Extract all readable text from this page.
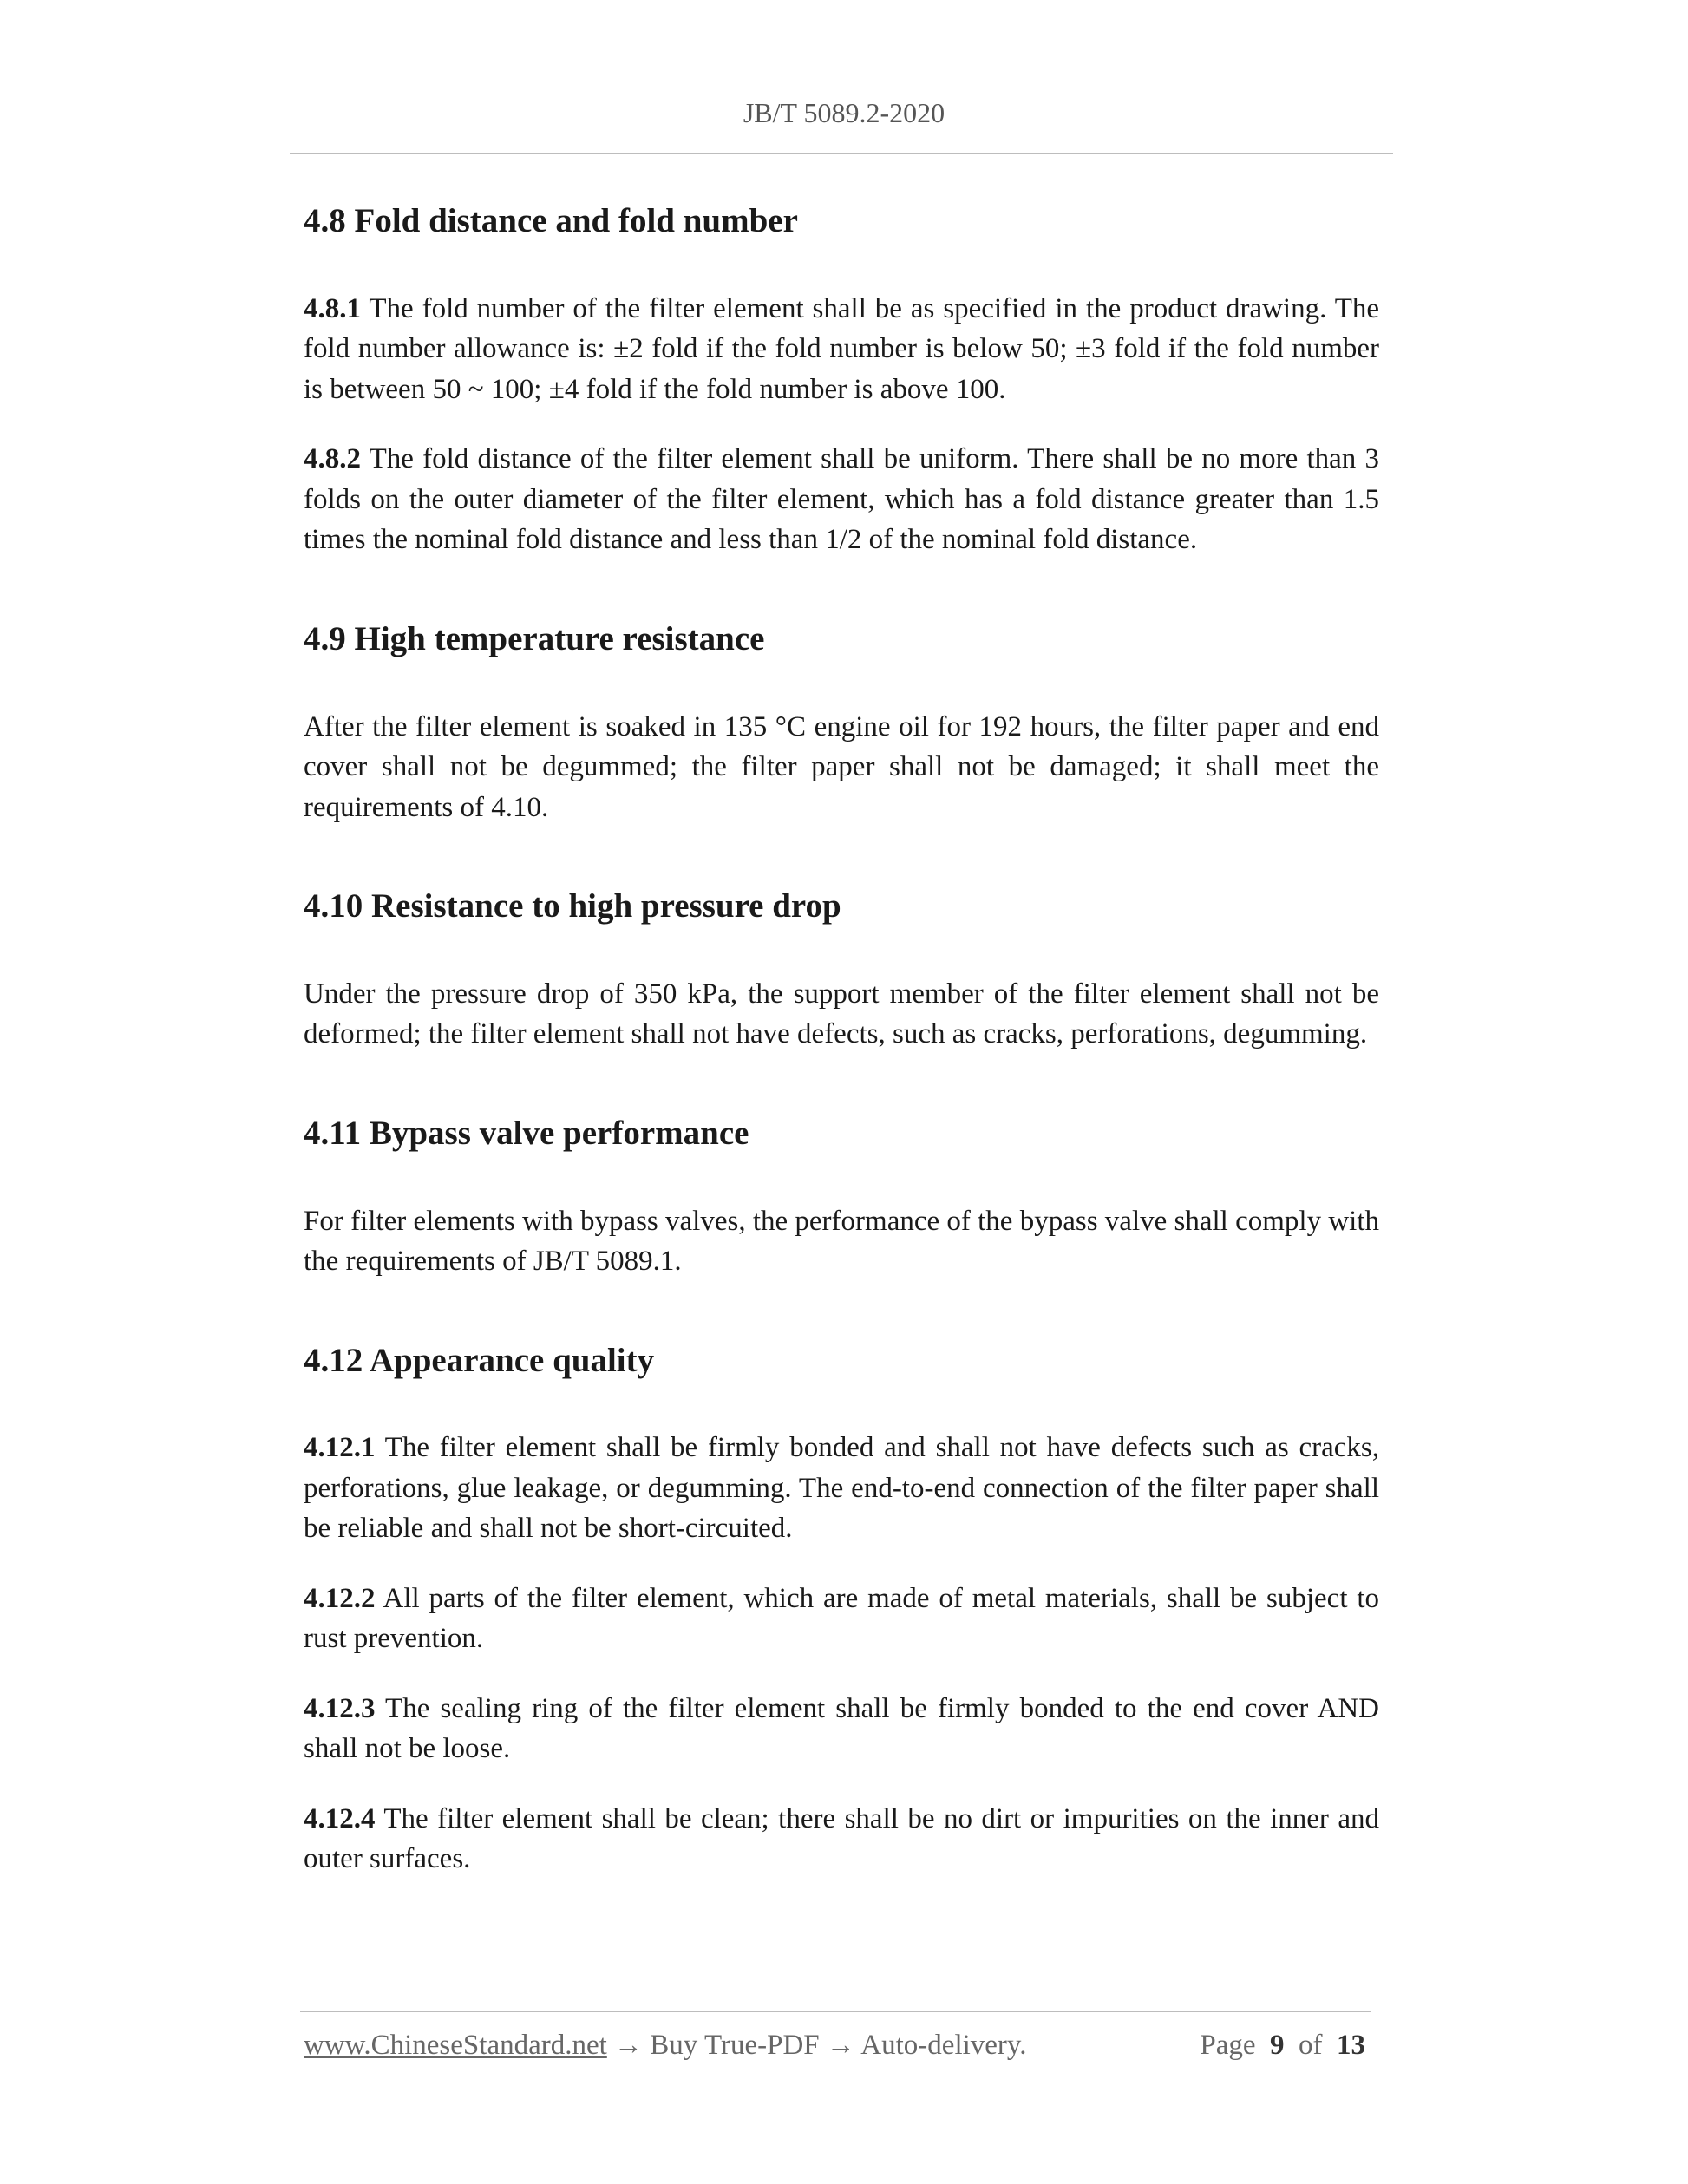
JB/T 5089.2-2020
4.8 Fold distance and fold number

4.8.1 The fold number of the filter element shall be as specified in the product drawing. The fold number allowance is: ±2 fold if the fold number is below 50; ±3 fold if the fold number is between 50 ~ 100; ±4 fold if the fold number is above 100.

4.8.2 The fold distance of the filter element shall be uniform. There shall be no more than 3 folds on the outer diameter of the filter element, which has a fold distance greater than 1.5 times the nominal fold distance and less than 1/2 of the nominal fold distance.

4.9 High temperature resistance

After the filter element is soaked in 135 °C engine oil for 192 hours, the filter paper and end cover shall not be degummed; the filter paper shall not be damaged; it shall meet the requirements of 4.10.

4.10 Resistance to high pressure drop

Under the pressure drop of 350 kPa, the support member of the filter element shall not be deformed; the filter element shall not have defects, such as cracks, perforations, degumming.

4.11 Bypass valve performance

For filter elements with bypass valves, the performance of the bypass valve shall comply with the requirements of JB/T 5089.1.

4.12 Appearance quality

4.12.1 The filter element shall be firmly bonded and shall not have defects such as cracks, perforations, glue leakage, or degumming. The end-to-end connection of the filter paper shall be reliable and shall not be short-circuited.

4.12.2 All parts of the filter element, which are made of metal materials, shall be subject to rust prevention.

4.12.3 The sealing ring of the filter element shall be firmly bonded to the end cover AND shall not be loose.

4.12.4 The filter element shall be clean; there shall be no dirt or impurities on the inner and outer surfaces.

www.ChineseStandard.net → Buy True-PDF → Auto-delivery.	Page 9 of 13
